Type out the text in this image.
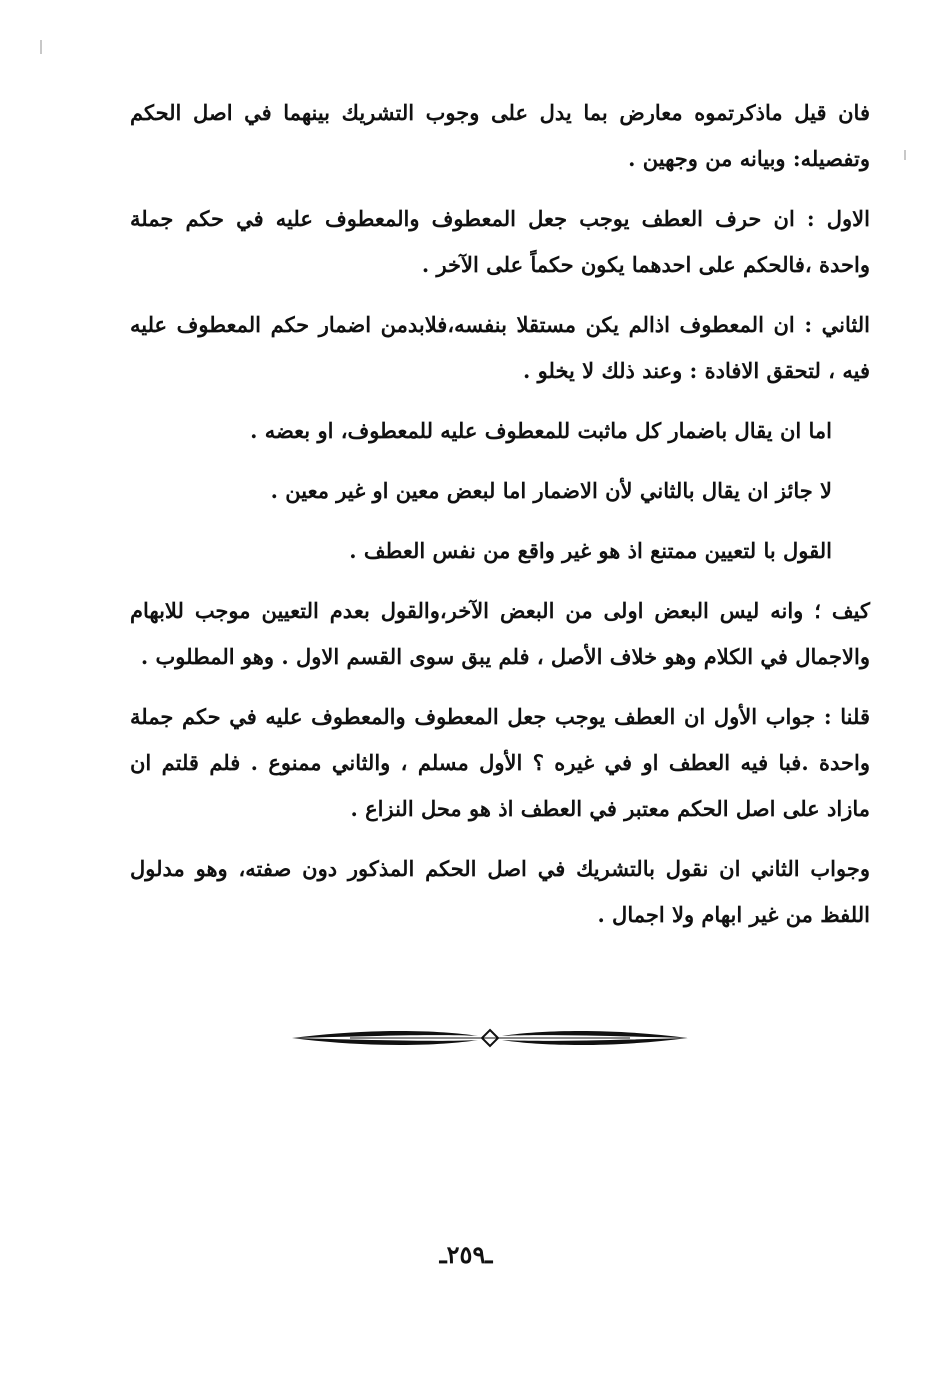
فان قيل ماذكرتموه معارض بما يدل على وجوب التشريك بينهما في اصل الحكم وتفصيله: وبيانه من وجهين .

الاول : ان حرف العطف يوجب جعل المعطوف والمعطوف عليه في حكم جملة واحدة ،فالحكم على احدهما يكون حكماً على الآخر .

الثاني : ان المعطوف اذالم يكن مستقلا بنفسه،فلابدمن اضمار حكم المعطوف عليه فيه ، لتحقق الافادة : وعند ذلك لا يخلو .

اما ان يقال باضمار كل ماثبت للمعطوف عليه للمعطوف، او بعضه .

لا جائز ان يقال بالثاني لأن الاضمار اما لبعض معين او غير معين .

القول با لتعيين ممتنع اذ هو غير واقع من نفس العطف .

كيف ؛ وانه ليس البعض اولى من البعض الآخر،والقول بعدم التعيين موجب للابهام والاجمال في الكلام وهو خلاف الأصل ، فلم يبق سوى القسم الاول . وهو المطلوب .

قلنا : جواب الأول ان العطف يوجب جعل المعطوف والمعطوف عليه في حكم جملة واحدة .فبا فيه العطف او في غيره ؟ الأول مسلم ، والثاني ممنوع . فلم قلتم ان مازاد على اصل الحكم معتبر في العطف اذ هو محل النزاع .

وجواب الثاني ان نقول بالتشريك في اصل الحكم المذكور دون صفته، وهو مدلول اللفظ من غير ابهام ولا اجمال .

ـ٢٥٩ـ
